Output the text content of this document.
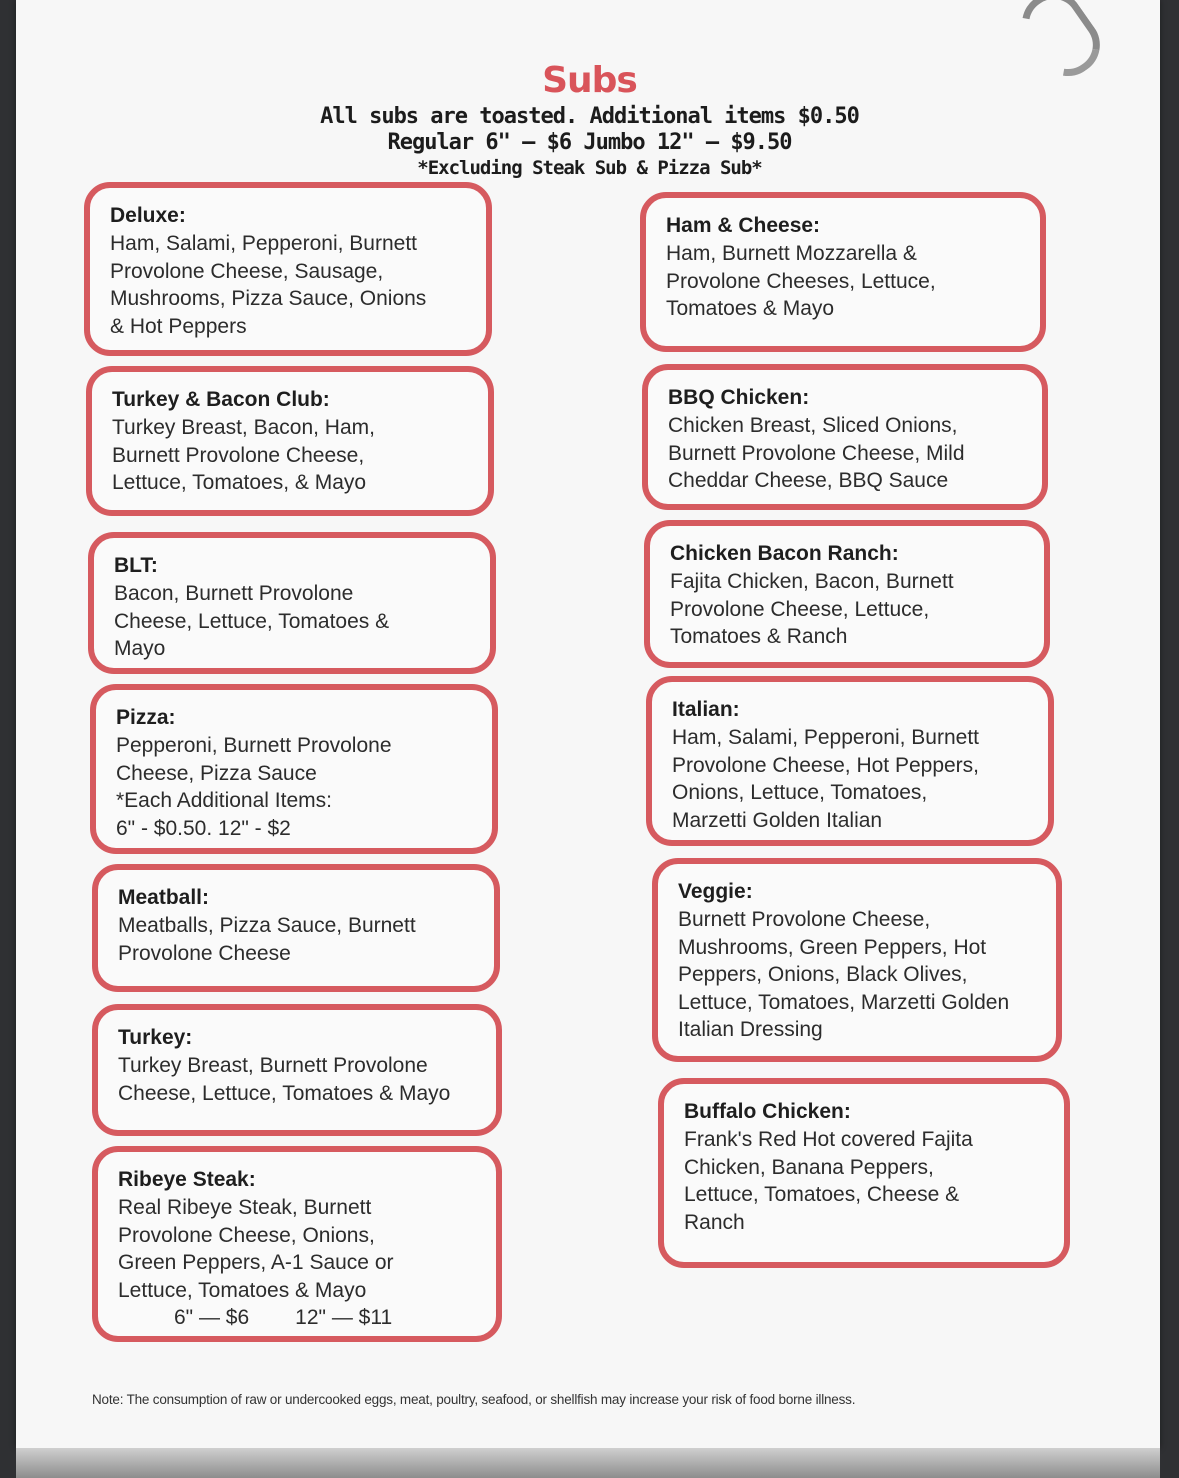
Subs
All subs are toasted. Additional items $0.50
Regular 6" — $6 Jumbo 12" — $9.50
*Excluding Steak Sub & Pizza Sub*
Deluxe:
Ham, Salami, Pepperoni, Burnett
Provolone Cheese, Sausage,
Mushrooms, Pizza Sauce, Onions
& Hot Peppers
Turkey & Bacon Club:
Turkey Breast, Bacon, Ham,
Burnett Provolone Cheese,
Lettuce, Tomatoes, & Mayo
BLT:
Bacon, Burnett Provolone
Cheese, Lettuce, Tomatoes &
Mayo
Pizza:
Pepperoni, Burnett Provolone
Cheese, Pizza Sauce
*Each Additional Items:
6" - $0.50. 12" - $2
Meatball:
Meatballs, Pizza Sauce, Burnett
Provolone Cheese
Turkey:
Turkey Breast, Burnett Provolone
Cheese, Lettuce, Tomatoes & Mayo
Ribeye Steak:
Real Ribeye Steak, Burnett
Provolone Cheese, Onions,
Green Peppers, A-1 Sauce or
Lettuce, Tomatoes & Mayo
6" — $6 12" — $11
Ham & Cheese:
Ham, Burnett Mozzarella &
Provolone Cheeses, Lettuce,
Tomatoes & Mayo
BBQ Chicken:
Chicken Breast, Sliced Onions,
Burnett Provolone Cheese, Mild
Cheddar Cheese, BBQ Sauce
Chicken Bacon Ranch:
Fajita Chicken, Bacon, Burnett
Provolone Cheese, Lettuce,
Tomatoes & Ranch
Italian:
Ham, Salami, Pepperoni, Burnett
Provolone Cheese, Hot Peppers,
Onions, Lettuce, Tomatoes,
Marzetti Golden Italian
Veggie:
Burnett Provolone Cheese,
Mushrooms, Green Peppers, Hot
Peppers, Onions, Black Olives,
Lettuce, Tomatoes, Marzetti Golden
Italian Dressing
Buffalo Chicken:
Frank's Red Hot covered Fajita
Chicken, Banana Peppers,
Lettuce, Tomatoes, Cheese &
Ranch
Note: The consumption of raw or undercooked eggs, meat, poultry, seafood, or shellfish may increase your risk of food borne illness.
